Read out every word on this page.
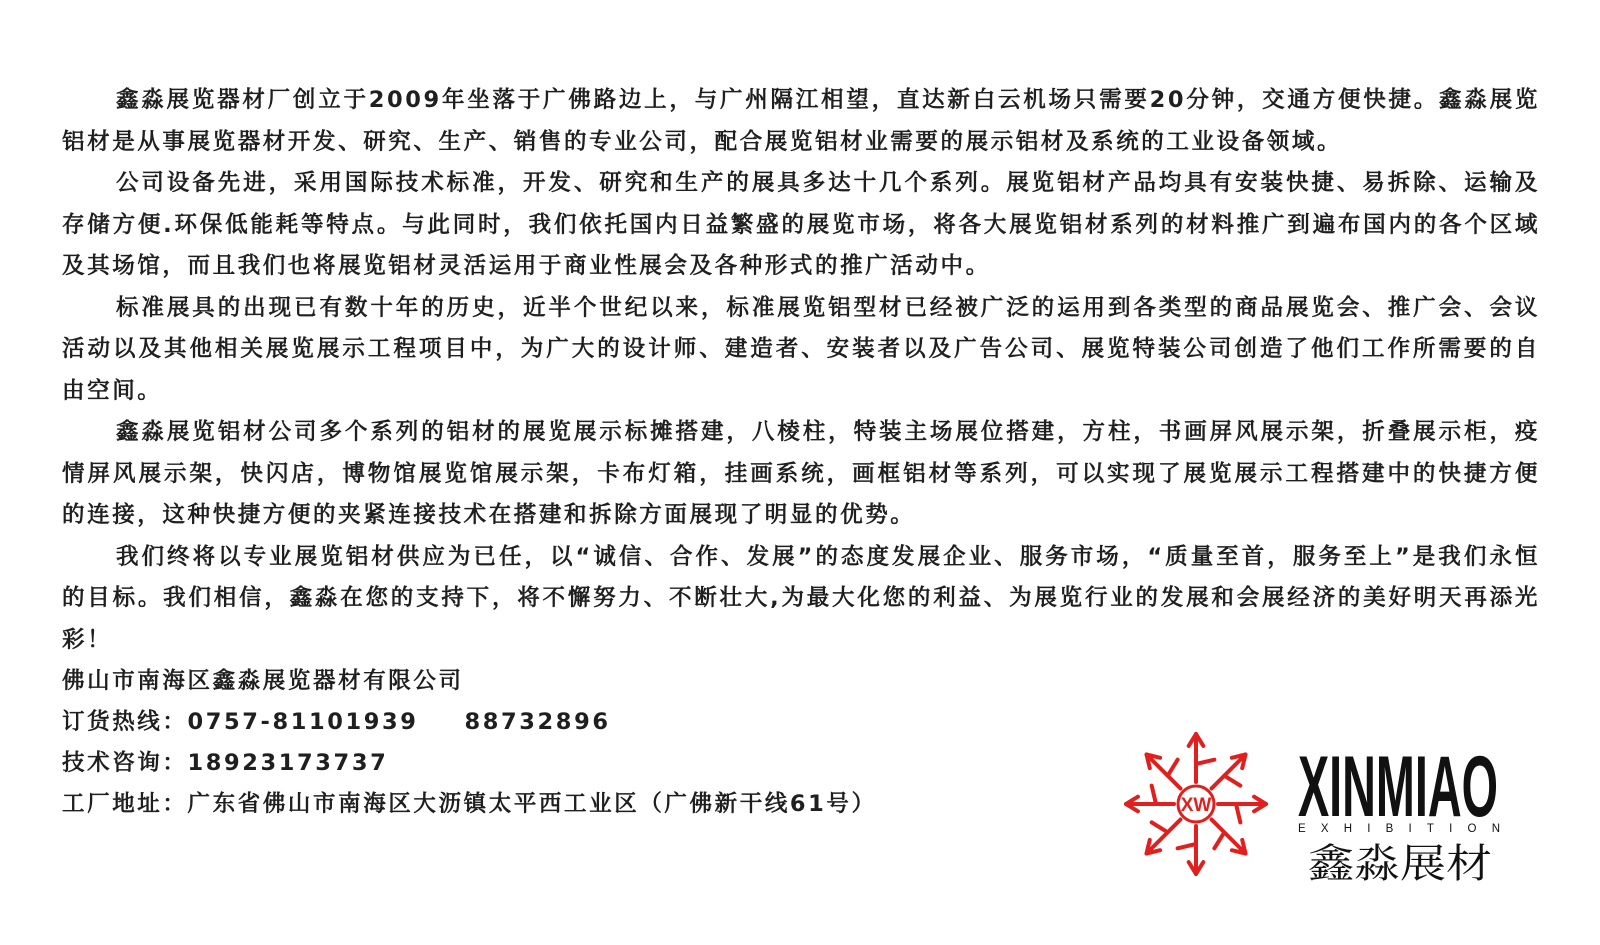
鑫淼展览器材厂创立于2009年坐落于广佛路边上，与广州隔江相望，直达新白云机场只需要20分钟，交通方便快捷。鑫淼展览铝材是从事展览器材开发、研究、生产、销售的专业公司，配合展览铝材业需要的展示铝材及系统的工业设备领域。

公司设备先进，采用国际技术标准，开发、研究和生产的展具多达十几个系列。展览铝材产品均具有安装快捷、易拆除、运输及存储方便.环保低能耗等特点。与此同时，我们依托国内日益繁盛的展览市场，将各大展览铝材系列的材料推广到遍布国内的各个区域及其场馆，而且我们也将展览铝材灵活运用于商业性展会及各种形式的推广活动中。

标准展具的出现已有数十年的历史，近半个世纪以来，标准展览铝型材已经被广泛的运用到各类型的商品展览会、推广会、会议活动以及其他相关展览展示工程项目中，为广大的设计师、建造者、安装者以及广告公司、展览特装公司创造了他们工作所需要的自由空间。

鑫淼展览铝材公司多个系列的铝材的展览展示标摊搭建，八棱柱，特装主场展位搭建，方柱，书画屏风展示架，折叠展示柜，疫情屏风展示架，快闪店，博物馆展览馆展示架，卡布灯箱，挂画系统，画框铝材等系列，可以实现了展览展示工程搭建中的快捷方便的连接，这种快捷方便的夹紧连接技术在搭建和拆除方面展现了明显的优势。

我们终将以专业展览铝材供应为已任，以“诚信、合作、发展”的态度发展企业、服务市场，“质量至首，服务至上”是我们永恒的目标。我们相信，鑫淼在您的支持下，将不懈努力、不断壮大,为最大化您的利益、为展览行业的发展和会展经济的美好明天再添光彩！

佛山市南海区鑫淼展览器材有限公司

订货热线：0757-81101939 88732896

技术咨询：18923173737

工厂地址：广东省佛山市南海区大沥镇太平西工业区（广佛新干线61号）	XW XINMIAO
EXHIBITION
鑫淼展材
